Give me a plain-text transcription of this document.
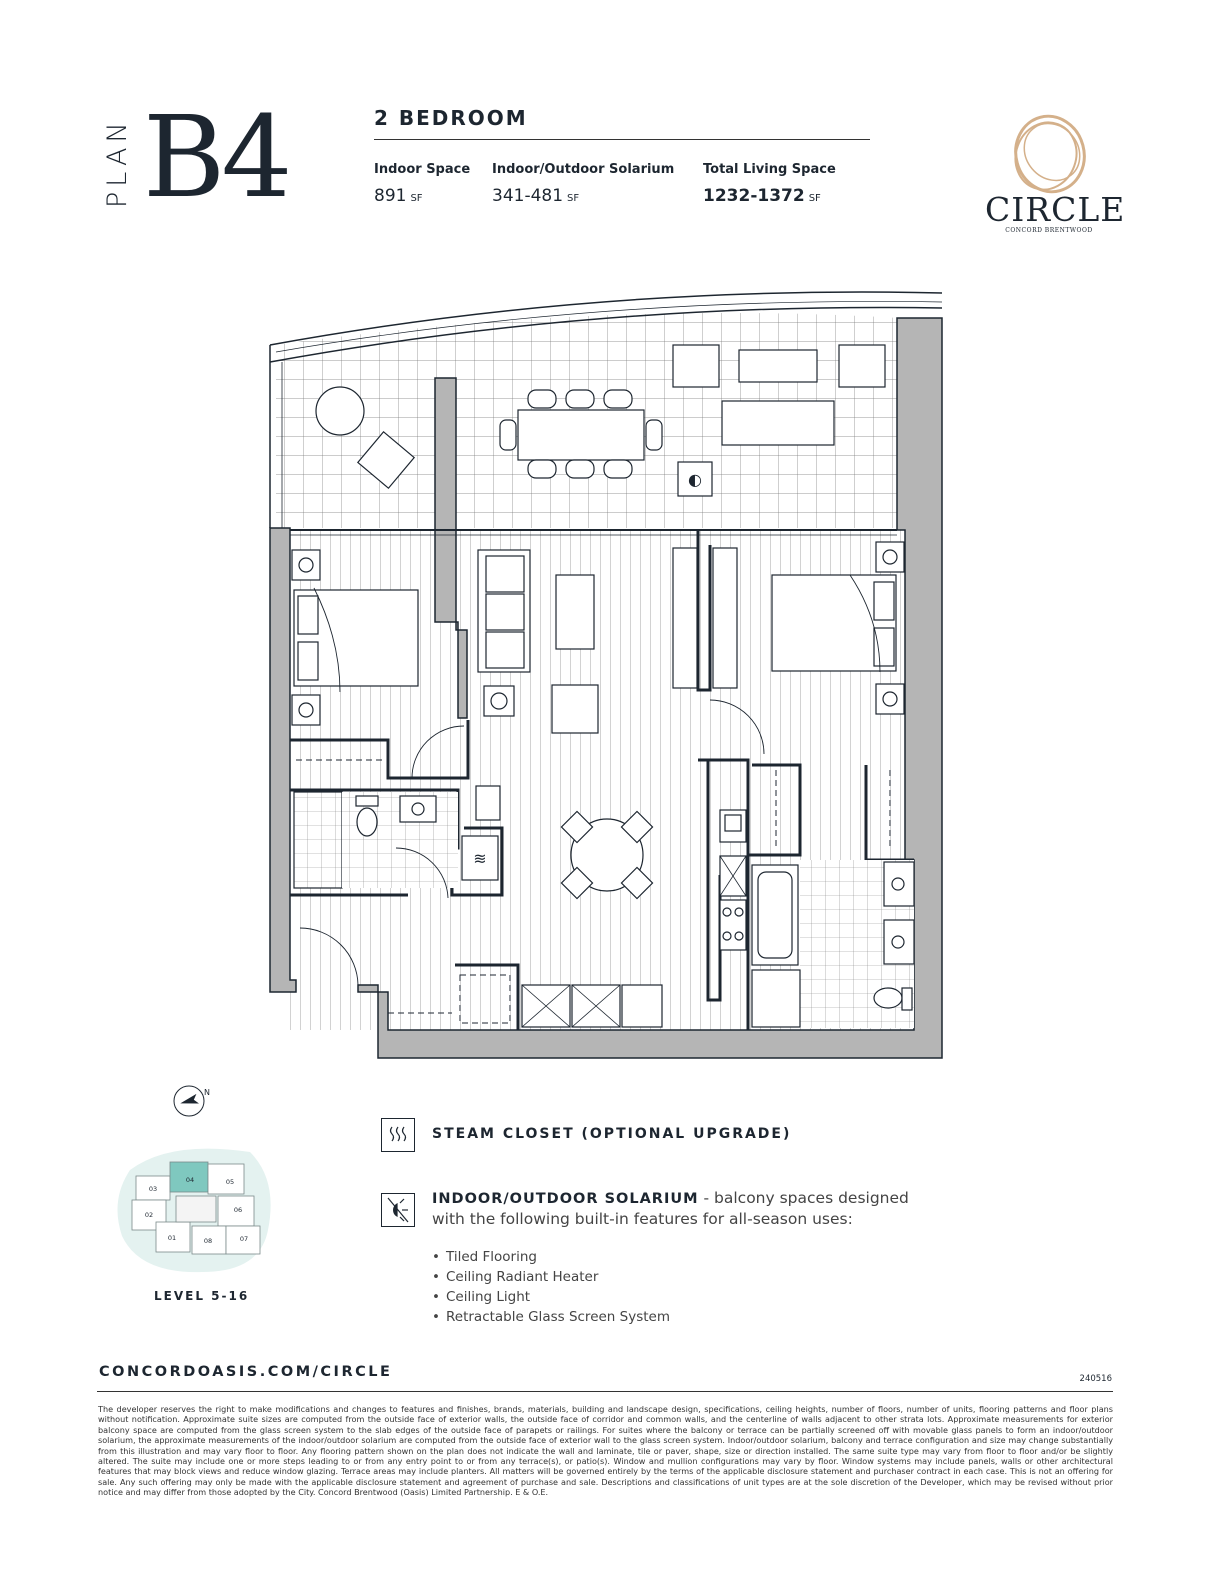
PLAN B4	2 BEDROOM
Indoor Space
891 SF
Indoor/Outdoor Solarium
341-481 SF
Total Living Space
1232-1372 SF	CIRCLE
CONCORD BRENTWOOD
◐
≋
N
03
04	05
02
06
01	08	07
LEVEL 5-16
STEAM CLOSET (OPTIONAL UPGRADE)
INDOOR/OUTDOOR SOLARIUM - balcony spaces designed with the following built-in features for all-season uses:
• Tiled Flooring
• Ceiling Radiant Heater
• Ceiling Light
• Retractable Glass Screen System
CONCORDOASIS.COM/CIRCLE	240516
The developer reserves the right to make modifications and changes to features and finishes, brands, materials, building and landscape design, specifications, ceiling heights, number of floors, number of units, flooring patterns and floor plans without notification. Approximate suite sizes are computed from the outside face of exterior walls, the outside face of corridor and common walls, and the centerline of walls adjacent to other strata lots. Approximate measurements for exterior balcony space are computed from the glass screen system to the slab edges of the outside face of parapets or railings. For suites where the balcony or terrace can be partially screened off with movable glass panels to form an indoor/outdoor solarium, the approximate measurements of the indoor/outdoor solarium are computed from the outside face of exterior wall to the glass screen system. Indoor/outdoor solarium, balcony and terrace configuration and size may change substantially from this illustration and may vary floor to floor. Any flooring pattern shown on the plan does not indicate the wall and laminate, tile or paver, shape, size or direction installed. The same suite type may vary from floor to floor and/or be slightly altered. The suite may include one or more steps leading to or from any entry point to or from any terrace(s), or patio(s). Window and mullion configurations may vary by floor. Window systems may include panels, walls or other architectural features that may block views and reduce window glazing. Terrace areas may include planters. All matters will be governed entirely by the terms of the applicable disclosure statement and purchaser contract in each case. This is not an offering for sale. Any such offering may only be made with the applicable disclosure statement and agreement of purchase and sale. Descriptions and classifications of unit types are at the sole discretion of the Developer, which may be revised without prior notice and may differ from those adopted by the City. Concord Brentwood (Oasis) Limited Partnership. E & O.E.
